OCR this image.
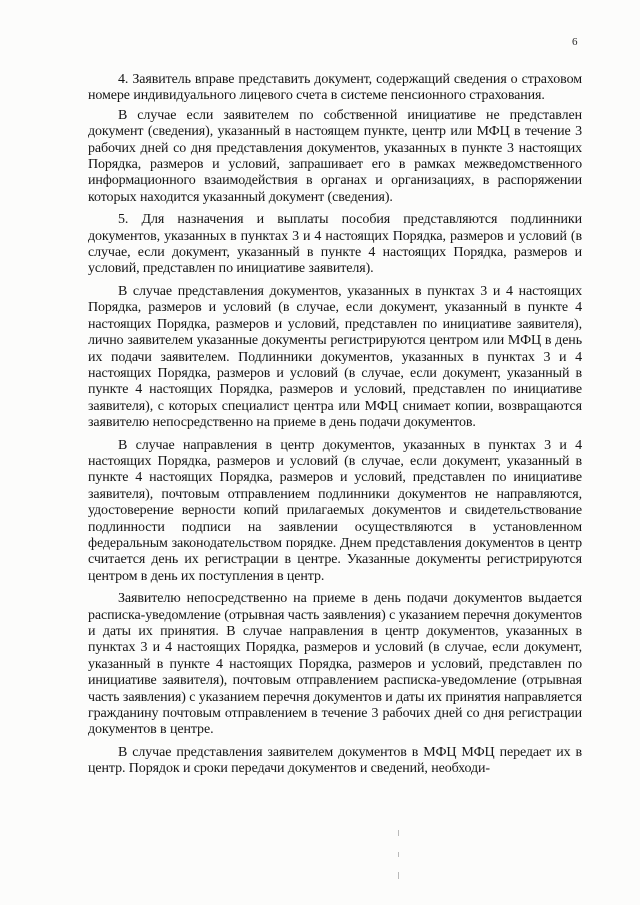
6

4. Заявитель вправе представить документ, содержащий сведения о страховом номере индивидуального лицевого счета в системе пенсионного страхования.

В случае если заявителем по собственной инициативе не представлен документ (сведения), указанный в настоящем пункте, центр или МФЦ в течение 3 рабочих дней со дня представления документов, указанных в пункте 3 настоящих Порядка, размеров и условий, запрашивает его в рамках межведомственного информационного взаимодействия в органах и организациях, в распоряжении которых находится указанный документ (сведения).

5. Для назначения и выплаты пособия представляются подлинники документов, указанных в пунктах 3 и 4 настоящих Порядка, размеров и условий (в случае, если документ, указанный в пункте 4 настоящих Порядка, размеров и условий, представлен по инициативе заявителя).

В случае представления документов, указанных в пунктах 3 и 4 настоящих Порядка, размеров и условий (в случае, если документ, указанный в пункте 4 настоящих Порядка, размеров и условий, представлен по инициативе заявителя), лично заявителем указанные документы регистрируются центром или МФЦ в день их подачи заявителем. Подлинники документов, указанных в пунктах 3 и 4 настоящих Порядка, размеров и условий (в случае, если документ, указанный в пункте 4 настоящих Порядка, размеров и условий, представлен по инициативе заявителя), с которых специалист центра или МФЦ снимает копии, возвращаются заявителю непосредственно на приеме в день подачи документов.

В случае направления в центр документов, указанных в пунктах 3 и 4 настоящих Порядка, размеров и условий (в случае, если документ, указанный в пункте 4 настоящих Порядка, размеров и условий, представлен по инициативе заявителя), почтовым отправлением подлинники документов не направляются, удостоверение верности копий прилагаемых документов и свидетельствование подлинности подписи на заявлении осуществляются в установленном федеральным законодательством порядке. Днем представления документов в центр считается день их регистрации в центре. Указанные документы регистрируются центром в день их поступления в центр.

Заявителю непосредственно на приеме в день подачи документов выдается расписка-уведомление (отрывная часть заявления) с указанием перечня документов и даты их принятия. В случае направления в центр документов, указанных в пунктах 3 и 4 настоящих Порядка, размеров и условий (в случае, если документ, указанный в пункте 4 настоящих Порядка, размеров и условий, представлен по инициативе заявителя), почтовым отправлением расписка-уведомление (отрывная часть заявления) с указанием перечня документов и даты их принятия направляется гражданину почтовым отправлением в течение 3 рабочих дней со дня регистрации документов в центре.

В случае представления заявителем документов в МФЦ МФЦ передает их в центр. Порядок и сроки передачи документов и сведений, необходи-
